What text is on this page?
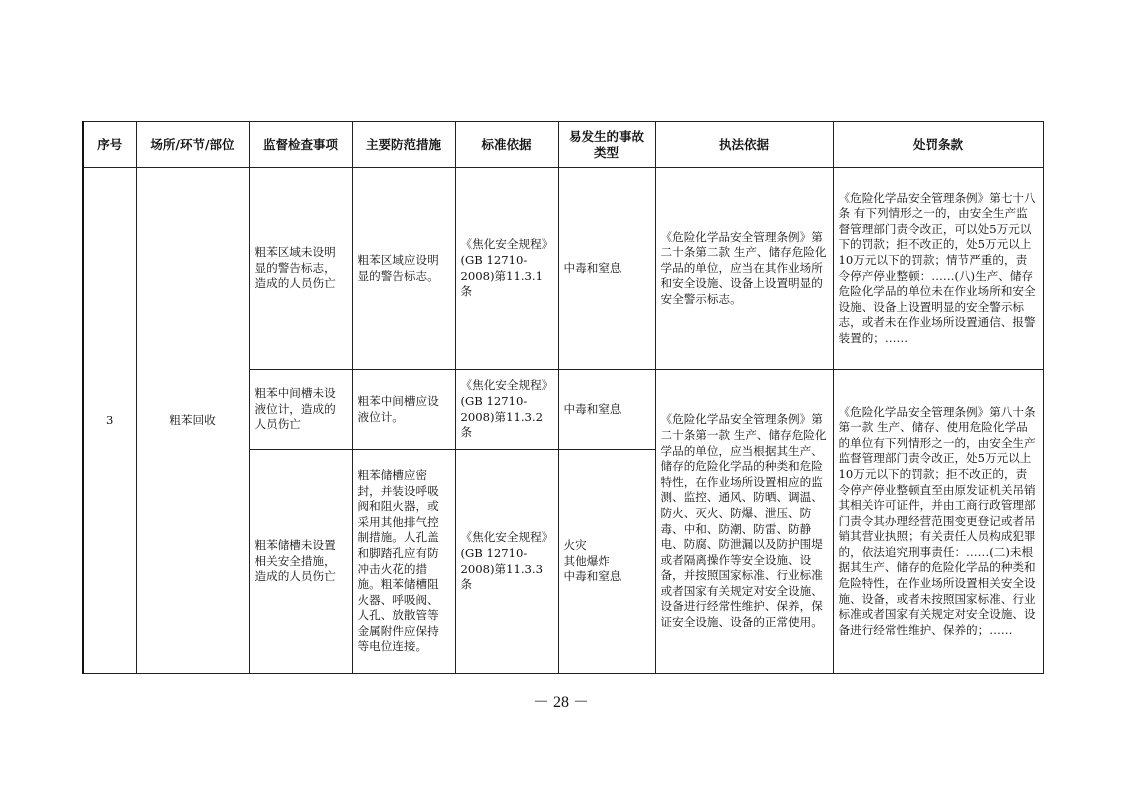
序号	场所/环节/部位	监督检查事项	主要防范措施	标准依据	易发生的事故类型	执法依据	处罚条款
3	粗苯回收	粗苯区域未设明显的警告标志，造成的人员伤亡	粗苯区域应设明显的警告标志。	《焦化安全规程》(GB 12710-2008)第11.3.1条	中毒和窒息	《危险化学品安全管理条例》第二十条第二款 生产、储存危险化学品的单位，应当在其作业场所和安全设施、设备上设置明显的安全警示标志。	《危险化学品安全管理条例》第七十八条 有下列情形之一的，由安全生产监督管理部门责令改正，可以处5万元以下的罚款；拒不改正的，处5万元以上10万元以下的罚款；情节严重的，责令停产停业整顿：……(八)生产、储存危险化学品的单位未在作业场所和安全设施、设备上设置明显的安全警示标志，或者未在作业场所设置通信、报警装置的；……
		粗苯中间槽未设液位计，造成的人员伤亡	粗苯中间槽应设液位计。	《焦化安全规程》(GB 12710-2008)第11.3.2条	中毒和窒息	《危险化学品安全管理条例》第二十条第一款 生产、储存危险化学品的单位，应当根据其生产、储存的危险化学品的种类和危险特性，在作业场所设置相应的监测、监控、通风、防晒、调温、防火、灭火、防爆、泄压、防毒、中和、防潮、防雷、防静电、防腐、防泄漏以及防护围堤或者隔离操作等安全设施、设备，并按照国家标准、行业标准或者国家有关规定对安全设施、设备进行经常性维护、保养，保证安全设施、设备的正常使用。	《危险化学品安全管理条例》第八十条第一款 生产、储存、使用危险化学品的单位有下列情形之一的，由安全生产监督管理部门责令改正，处5万元以上10万元以下的罚款；拒不改正的，责令停产停业整顿直至由原发证机关吊销其相关许可证件，并由工商行政管理部门责令其办理经营范围变更登记或者吊销其营业执照；有关责任人员构成犯罪的，依法追究刑事责任：……(二)未根据其生产、储存的危险化学品的种类和危险特性，在作业场所设置相关安全设施、设备，或者未按照国家标准、行业标准或者国家有关规定对安全设施、设备进行经常性维护、保养的；……
		粗苯储槽未设置相关安全措施，造成的人员伤亡	粗苯储槽应密封，并装设呼吸阀和阻火器，或采用其他排气控制措施。人孔盖和脚踏孔应有防冲击火花的措施。粗苯储槽阻火器、呼吸阀、人孔、放散管等金属附件应保持等电位连接。	《焦化安全规程》(GB 12710-2008)第11.3.3条	火灾
其他爆炸
中毒和窒息		
－ 28 －
